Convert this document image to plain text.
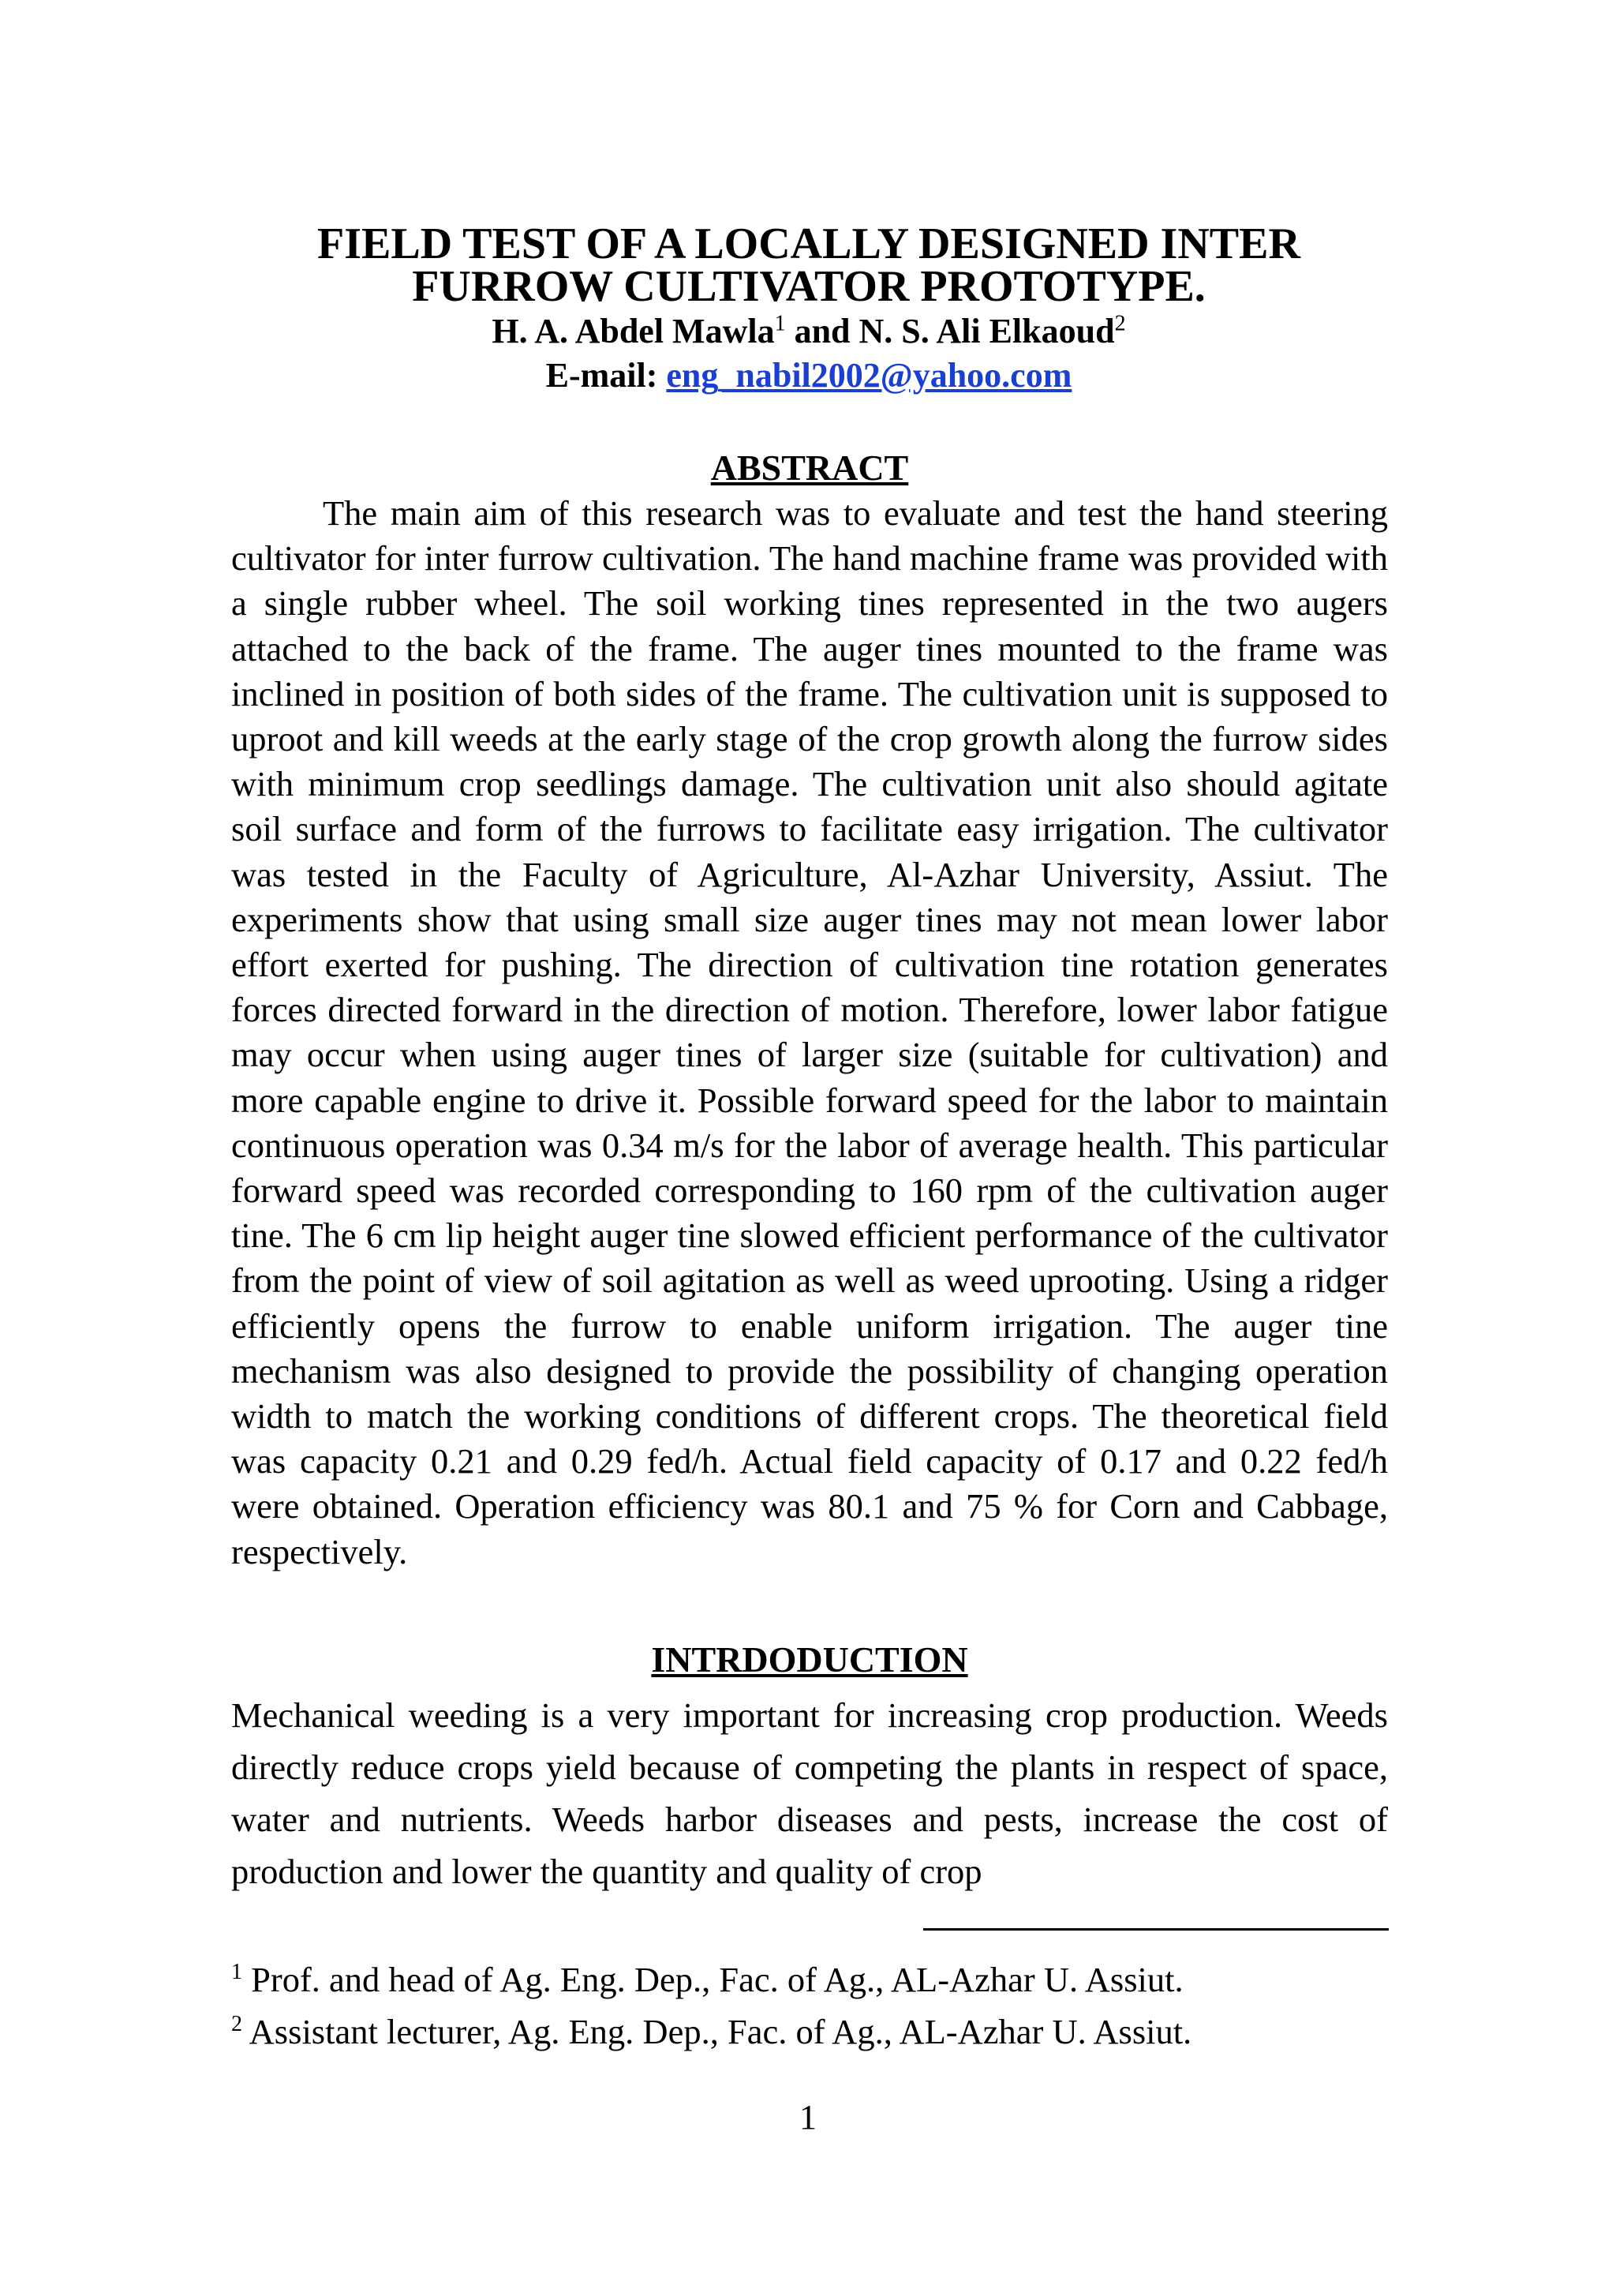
FIELD TEST OF A LOCALLY DESIGNED INTER FURROW CULTIVATOR PROTOTYPE.
H. A. Abdel Mawla$^1$ and N. S. Ali Elkaoud$^2$
E-mail: eng_nabil2002@yahoo.com
ABSTRACT

The main aim of this research was to evaluate and test the hand steering cultivator for inter furrow cultivation. The hand machine frame was provided with a single rubber wheel. The soil working tines represented in the two augers attached to the back of the frame. The auger tines mounted to the frame was inclined in position of both sides of the frame. The cultivation unit is supposed to uproot and kill weeds at the early stage of the crop growth along the furrow sides with minimum crop seedlings damage. The cultivation unit also should agitate soil surface and form of the furrows to facilitate easy irrigation. The cultivator was tested in the Faculty of Agriculture, Al-Azhar University, Assiut. The experiments show that using small size auger tines may not mean lower labor effort exerted for pushing. The direction of cultivation tine rotation generates forces directed forward in the direction of motion. Therefore, lower labor fatigue may occur when using auger tines of larger size (suitable for cultivation) and more capable engine to drive it. Possible forward speed for the labor to maintain continuous operation was 0.34 m/s for the labor of average health. This particular forward speed was recorded corresponding to 160 rpm of the cultivation auger tine. The 6 cm lip height auger tine slowed efficient performance of the cultivator from the point of view of soil agitation as well as weed uprooting. Using a ridger efficiently opens the furrow to enable uniform irrigation. The auger tine mechanism was also designed to provide the possibility of changing operation width to match the working conditions of different crops. The theoretical field was capacity 0.21 and 0.29 fed/h. Actual field capacity of 0.17 and 0.22 fed/h were obtained. Operation efficiency was 80.1 and 75 % for Corn and Cabbage, respectively.

INTRDODUCTION

Mechanical weeding is a very important for increasing crop production. Weeds directly reduce crops yield because of competing the plants in respect of space, water and nutrients. Weeds harbor diseases and pests, increase the cost of production and lower the quantity and quality of crop

$^1$ Prof. and head of Ag. Eng. Dep., Fac. of Ag., AL-Azhar U. Assiut.
$^2$ Assistant lecturer, Ag. Eng. Dep., Fac. of Ag., AL-Azhar U. Assiut.
1
